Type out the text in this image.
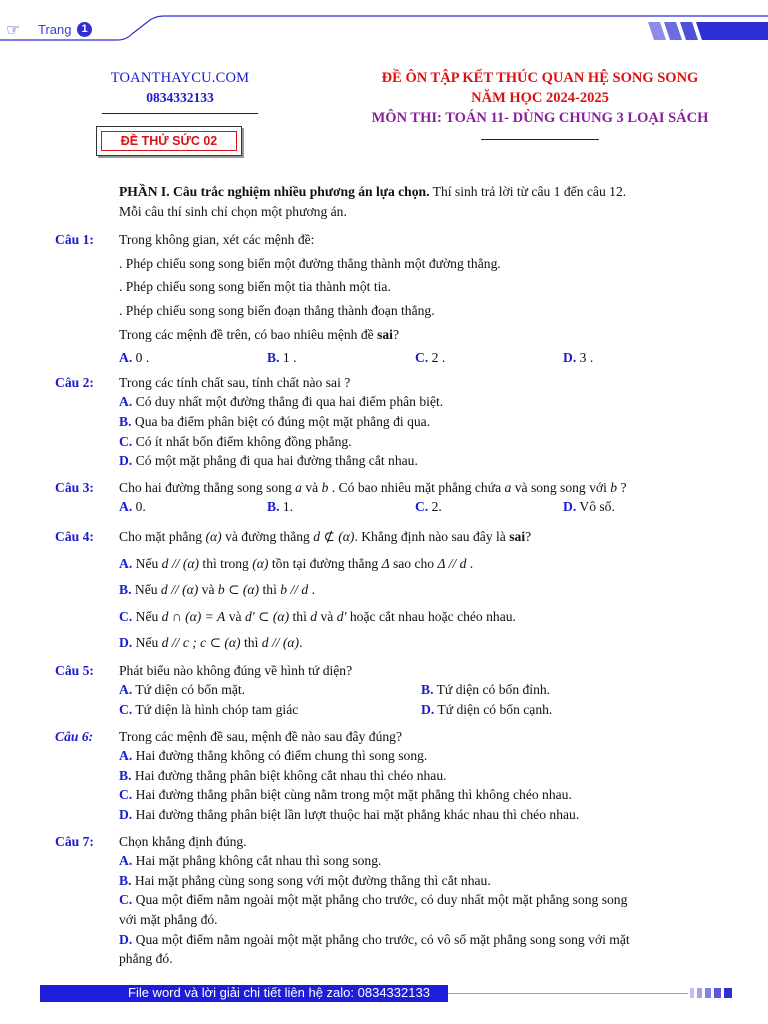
☞ Trang 1
TOANTHAYCU.COM
0834332133
ĐỀ THỬ SỨC 02
ĐỀ ÔN TẬP KẾT THÚC QUAN HỆ SONG SONG
NĂM HỌC 2024-2025
MÔN THI: TOÁN 11- DÙNG CHUNG 3 LOẠI SÁCH
PHẦN I. Câu trắc nghiệm nhiều phương án lựa chọn. Thí sinh trả lời từ câu 1 đến câu 12.
Mỗi câu thí sinh chỉ chọn một phương án.
Câu 1:	Trong không gian, xét các mệnh đề:
. Phép chiếu song song biến một đường thẳng thành một đường thẳng.
. Phép chiếu song song biến một tia thành một tia.
. Phép chiếu song song biến đoạn thẳng thành đoạn thẳng.
Trong các mệnh đề trên, có bao nhiêu mệnh đề sai?
A. 0 .	B. 1 .	C. 2 .	D. 3 .
Câu 2:	Trong các tính chất sau, tính chất nào sai ?
A. Có duy nhất một đường thẳng đi qua hai điểm phân biệt.
B. Qua ba điểm phân biệt có đúng một mặt phẳng đi qua.
C. Có ít nhất bốn điểm không đồng phẳng.
D. Có một mặt phẳng đi qua hai đường thẳng cắt nhau.
Câu 3:	Cho hai đường thẳng song song a và b . Có bao nhiêu mặt phẳng chứa a và song song với b ?
A. 0.	B. 1.	C. 2.	D. Vô số.
Câu 4:	Cho mặt phẳng (α) và đường thẳng d ⊄ (α). Khẳng định nào sau đây là sai?
A. Nếu d // (α) thì trong (α) tồn tại đường thẳng Δ sao cho Δ // d .
B. Nếu d // (α) và b ⊂ (α) thì b // d .
C. Nếu d ∩ (α) = A và d′ ⊂ (α) thì d và d′ hoặc cắt nhau hoặc chéo nhau.
D. Nếu d // c ; c ⊂ (α) thì d // (α).
Câu 5:	Phát biểu nào không đúng về hình tứ diện?
A. Tứ diện có bốn mặt.	B. Tứ diện có bốn đỉnh.
C. Tứ diện là hình chóp tam giác	D. Tứ diện có bốn cạnh.
Câu 6:	Trong các mệnh đề sau, mệnh đề nào sau đây đúng?
A. Hai đường thẳng không có điểm chung thì song song.
B. Hai đường thẳng phân biệt không cắt nhau thì chéo nhau.
C. Hai đường thẳng phân biệt cùng nằm trong một mặt phẳng thì không chéo nhau.
D. Hai đường thẳng phân biệt lần lượt thuộc hai mặt phẳng khác nhau thì chéo nhau.
Câu 7:	Chọn khẳng định đúng.
A. Hai mặt phẳng không cắt nhau thì song song.
B. Hai mặt phẳng cùng song song với một đường thẳng thì cắt nhau.
C. Qua một điểm nằm ngoài một mặt phẳng cho trước, có duy nhất một mặt phẳng song song
với mặt phẳng đó.
D. Qua một điểm nằm ngoài một mặt phẳng cho trước, có vô số mặt phẳng song song với mặt
phẳng đó.
File word và lời giải chi tiết liên hệ zalo: 0834332133
